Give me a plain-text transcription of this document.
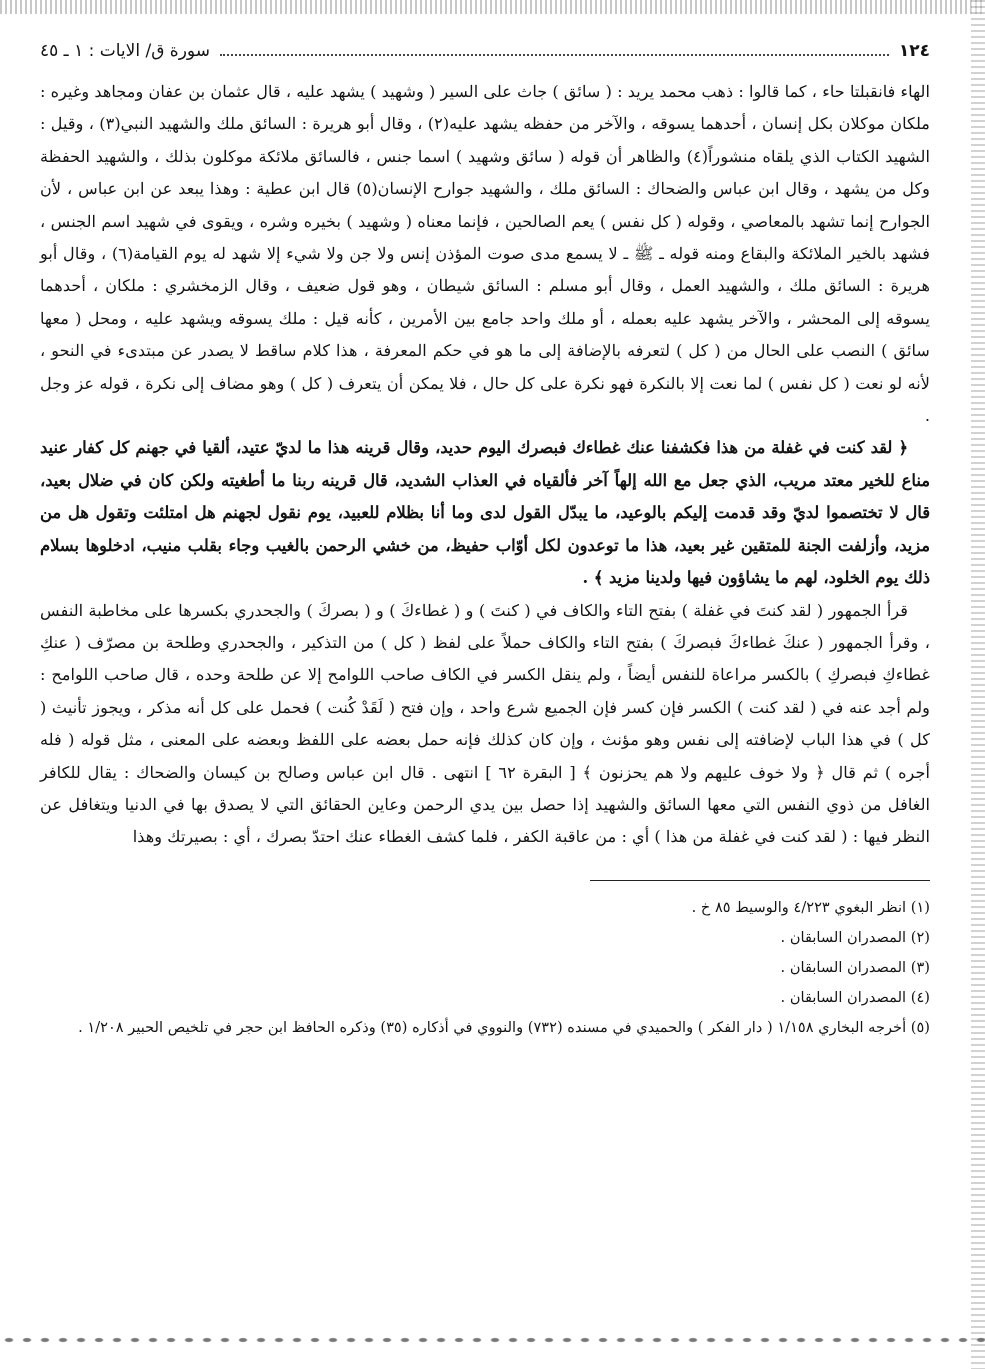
١٢٤
سورة ق/ الايات : ١ ـ ٤٥

الهاء فانقبلتا حاء ، كما قالوا : ذهب محمد يريد : ( سائق ) جاث على السير ( وشهيد ) يشهد عليه ، قال عثمان بن عفان ومجاهد وغيره : ملكان موكلان بكل إنسان ، أحدهما يسوقه ، والآخر من حفظه يشهد عليه(٢) ، وقال أبو هريرة : السائق ملك والشهيد النبي(٣) ، وقيل : الشهيد الكتاب الذي يلقاه منشوراً(٤) والظاهر أن قوله ( سائق وشهيد ) اسما جنس ، فالسائق ملائكة موكلون بذلك ، والشهيد الحفظة وكل من يشهد ، وقال ابن عباس والضحاك : السائق ملك ، والشهيد جوارح الإنسان(٥) قال ابن عطية : وهذا يبعد عن ابن عباس ، لأن الجوارح إنما تشهد بالمعاصي ، وقوله ( كل نفس ) يعم الصالحين ، فإنما معناه ( وشهيد ) بخيره وشره ، ويقوى في شهيد اسم الجنس ، فشهد بالخير الملائكة والبقاع ومنه قوله ـ ﷺ ـ لا يسمع مدى صوت المؤذن إنس ولا جن ولا شيء إلا شهد له يوم القيامة(٦) ، وقال أبو هريرة : السائق ملك ، والشهيد العمل ، وقال أبو مسلم : السائق شيطان ، وهو قول ضعيف ، وقال الزمخشري : ملكان ، أحدهما يسوقه إلى المحشر ، والآخر يشهد عليه بعمله ، أو ملك واحد جامع بين الأمرين ، كأنه قيل : ملك يسوقه ويشهد عليه ، ومحل ( معها سائق ) النصب على الحال من ( كل ) لتعرفه بالإضافة إلى ما هو في حكم المعرفة ، هذا كلام ساقط لا يصدر عن مبتدىء في النحو ، لأنه لو نعت ( كل نفس ) لما نعت إلا بالنكرة فهو نكرة على كل حال ، فلا يمكن أن يتعرف ( كل ) وهو مضاف إلى نكرة ، قوله عز وجل .

﴿ لقد كنت في غفلة من هذا فكشفنا عنك غطاءك فبصرك اليوم حديد، وقال قرينه هذا ما لديّ عتيد، ألقيا في جهنم كل كفار عنيد مناع للخير معتد مريب، الذي جعل مع الله إلهاً آخر فألقياه في العذاب الشديد، قال قرينه ربنا ما أطغيته ولكن كان في ضلال بعيد، قال لا تختصموا لديّ وقد قدمت إليكم بالوعيد، ما يبدّل القول لدى وما أنا بظلام للعبيد، يوم نقول لجهنم هل امتلئت وتقول هل من مزيد، وأزلفت الجنة للمتقين غير بعيد، هذا ما توعدون لكل أوّاب حفيظ، من خشي الرحمن بالغيب وجاء بقلب منيب، ادخلوها بسلام ذلك يوم الخلود، لهم ما يشاؤون فيها ولدينا مزيد ﴾ .

قرأ الجمهور ( لقد كنتَ في غفلة ) بفتح التاء والكاف في ( كنتَ ) و ( غطاءكَ ) و ( بصركَ ) والجحدري بكسرها على مخاطبة النفس ، وقرأ الجمهور ( عنكَ غطاءكَ فبصركَ ) بفتح التاء والكاف حملاً على لفظ ( كل ) من التذكير ، والجحدري وطلحة بن مصرّف ( عنكِ غطاءكِ فبصركِ ) بالكسر مراعاة للنفس أيضاً ، ولم ينقل الكسر في الكاف صاحب اللوامح إلا عن طلحة وحده ، قال صاحب اللوامح : ولم أجد عنه في ( لقد كنت ) الكسر فإن كسر فإن الجميع شرع واحد ، وإن فتح ( لَقَدْ كُنت ) فحمل على كل أنه مذكر ، ويجوز تأنيث ( كل ) في هذا الباب لإضافته إلى نفس وهو مؤنث ، وإن كان كذلك فإنه حمل بعضه على اللفظ وبعضه على المعنى ، مثل قوله ( فله أجره ) ثم قال ﴿ ولا خوف عليهم ولا هم يحزنون ﴾ [ البقرة ٦٢ ] انتهى . قال ابن عباس وصالح بن كيسان والضحاك : يقال للكافر الغافل من ذوي النفس التي معها السائق والشهيد إذا حصل بين يدي الرحمن وعاين الحقائق التي لا يصدق بها في الدنيا ويتغافل عن النظر فيها : ( لقد كنت في غفلة من هذا ) أي : من عاقبة الكفر ، فلما كشف الغطاء عنك احتدّ بصرك ، أي : بصيرتك وهذا

(١) انظر البغوي ٤/٢٢٣ والوسيط ٨٥ خ .
(٢) المصدران السابقان .
(٣) المصدران السابقان .
(٤) المصدران السابقان .
(٥) أخرجه البخاري ١/١٥٨ ( دار الفكر ) والحميدي في مسنده (٧٣٢) والنووي في أذكاره (٣٥) وذكره الحافظ ابن حجر في تلخيص الحبير ١/٢٠٨ .
